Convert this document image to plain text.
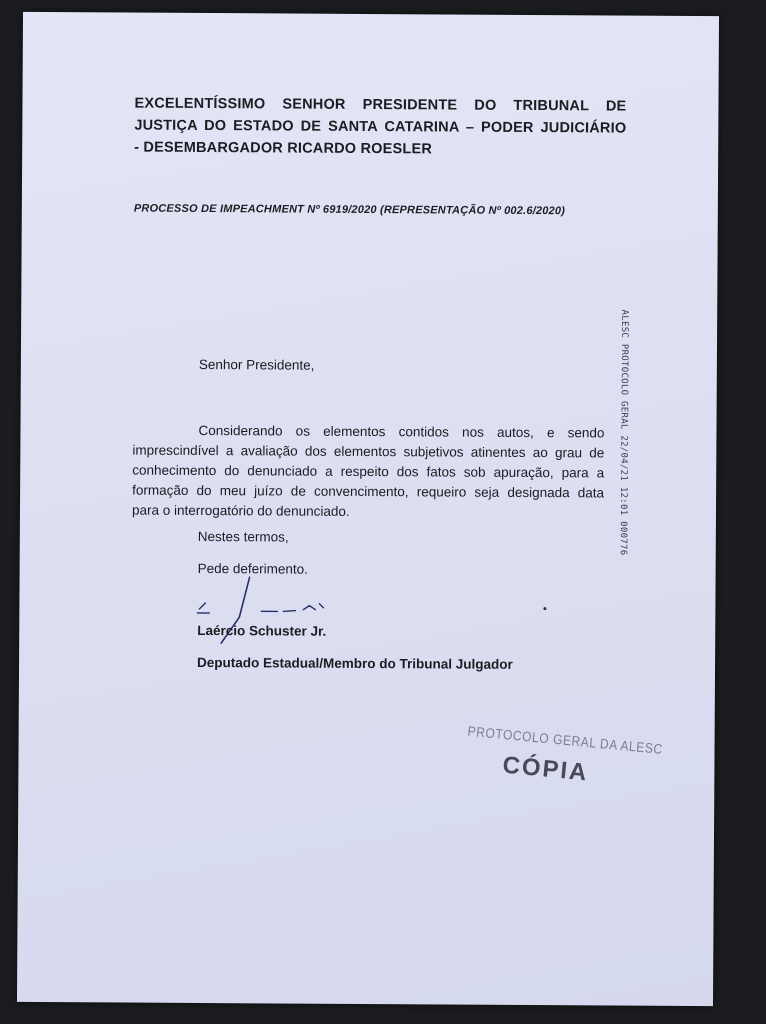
EXCELENTÍSSIMO SENHOR PRESIDENTE DO TRIBUNAL DE
JUSTIÇA DO ESTADO DE SANTA CATARINA – PODER JUDICIÁRIO
- DESEMBARGADOR RICARDO ROESLER
PROCESSO DE IMPEACHMENT Nº 6919/2020 (REPRESENTAÇÃO Nº 002.6/2020)
ALESC PROTOCOLO GERAL 22/04/21 12:01 000776
Senhor Presidente,
Considerando os elementos contidos nos autos, e sendo
imprescindível a avaliação dos elementos subjetivos atinentes ao grau de
conhecimento do denunciado a respeito dos fatos sob apuração, para a
formação do meu juízo de convencimento, requeiro seja designada data
para o interrogatório do denunciado.
Nestes termos,
Pede deferimento.
Laércio Schuster Jr.
Deputado Estadual/Membro do Tribunal Julgador
PROTOCOLO GERAL DA ALESC
CÓPIA
